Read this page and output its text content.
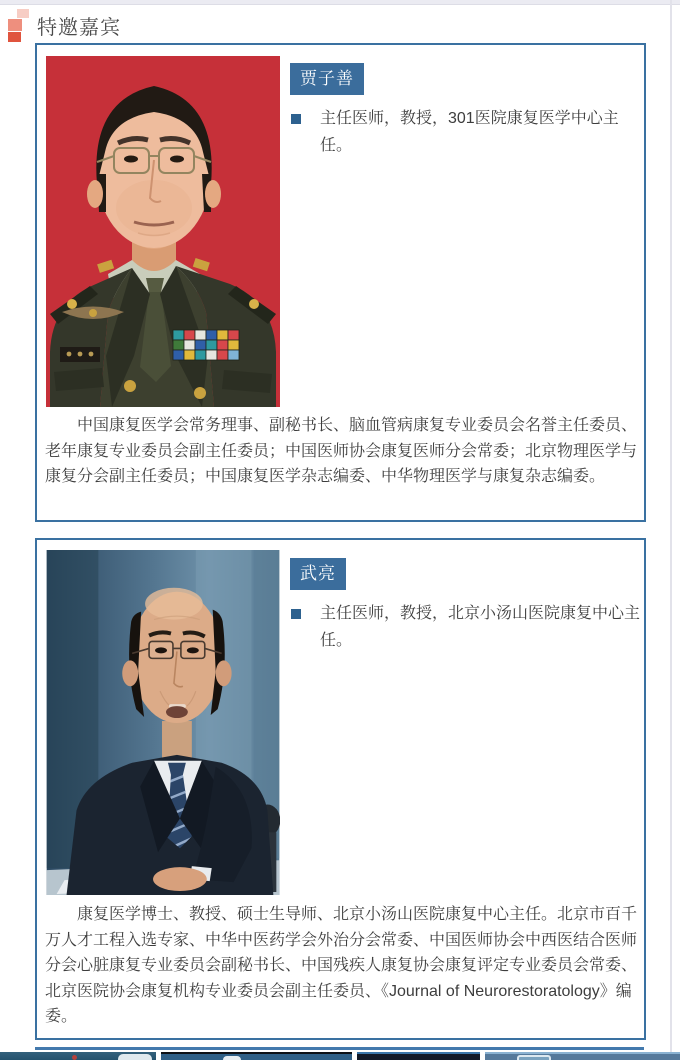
特邀嘉宾
贾子善
主任医师，教授，301医院康复医学中心主任。

中国康复医学会常务理事、副秘书长、脑血管病康复专业委员会名誉主任委员、老年康复专业委员会副主任委员；中国医师协会康复医师分会常委；北京物理医学与康复分会副主任委员；中国康复医学杂志编委、中华物理医学与康复杂志编委。

武亮
主任医师，教授，北京小汤山医院康复中心主任。

康复医学博士、教授、硕士生导师、北京小汤山医院康复中心主任。北京市百千万人才工程入选专家、中华中医药学会外治分会常委、中国医师协会中西医结合医师分会心脏康复专业委员会副秘书长、中国残疾人康复协会康复评定专业委员会常委、北京医院协会康复机构专业委员会副主任委员、《Journal of Neurorestoratology》编委。
